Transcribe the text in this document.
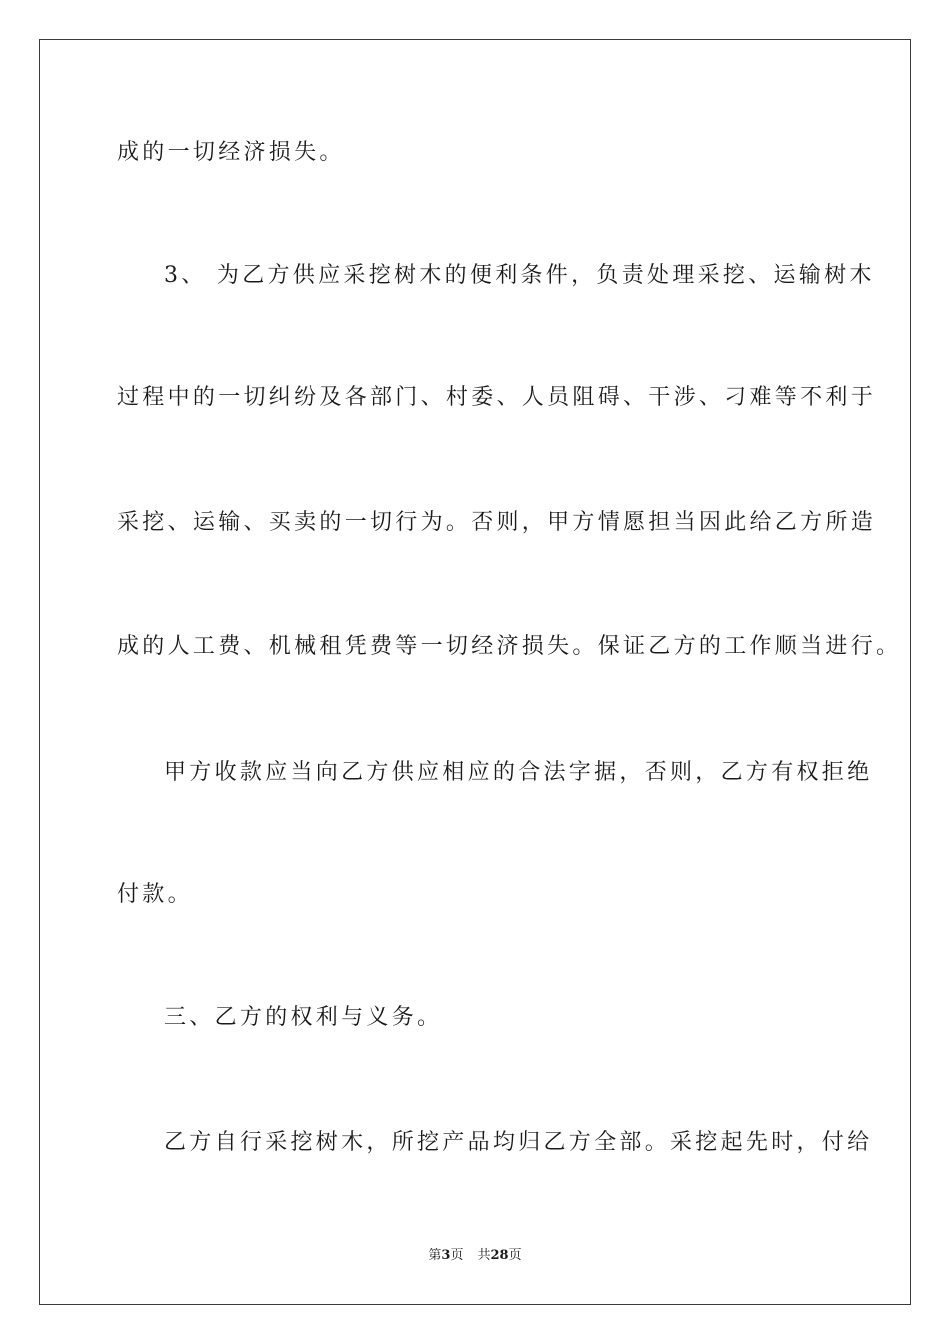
成的一切经济损失。
3、 为乙方供应采挖树木的便利条件，负责处理采挖、运输树木
过程中的一切纠纷及各部门、村委、人员阻碍、干涉、刁难等不利于
采挖、运输、买卖的一切行为。否则，甲方情愿担当因此给乙方所造
成的人工费、机械租凭费等一切经济损失。保证乙方的工作顺当进行。
甲方收款应当向乙方供应相应的合法字据，否则，乙方有权拒绝
付款。
三、乙方的权利与义务。
乙方自行采挖树木，所挖产品均归乙方全部。采挖起先时，付给
第3页 共28页
